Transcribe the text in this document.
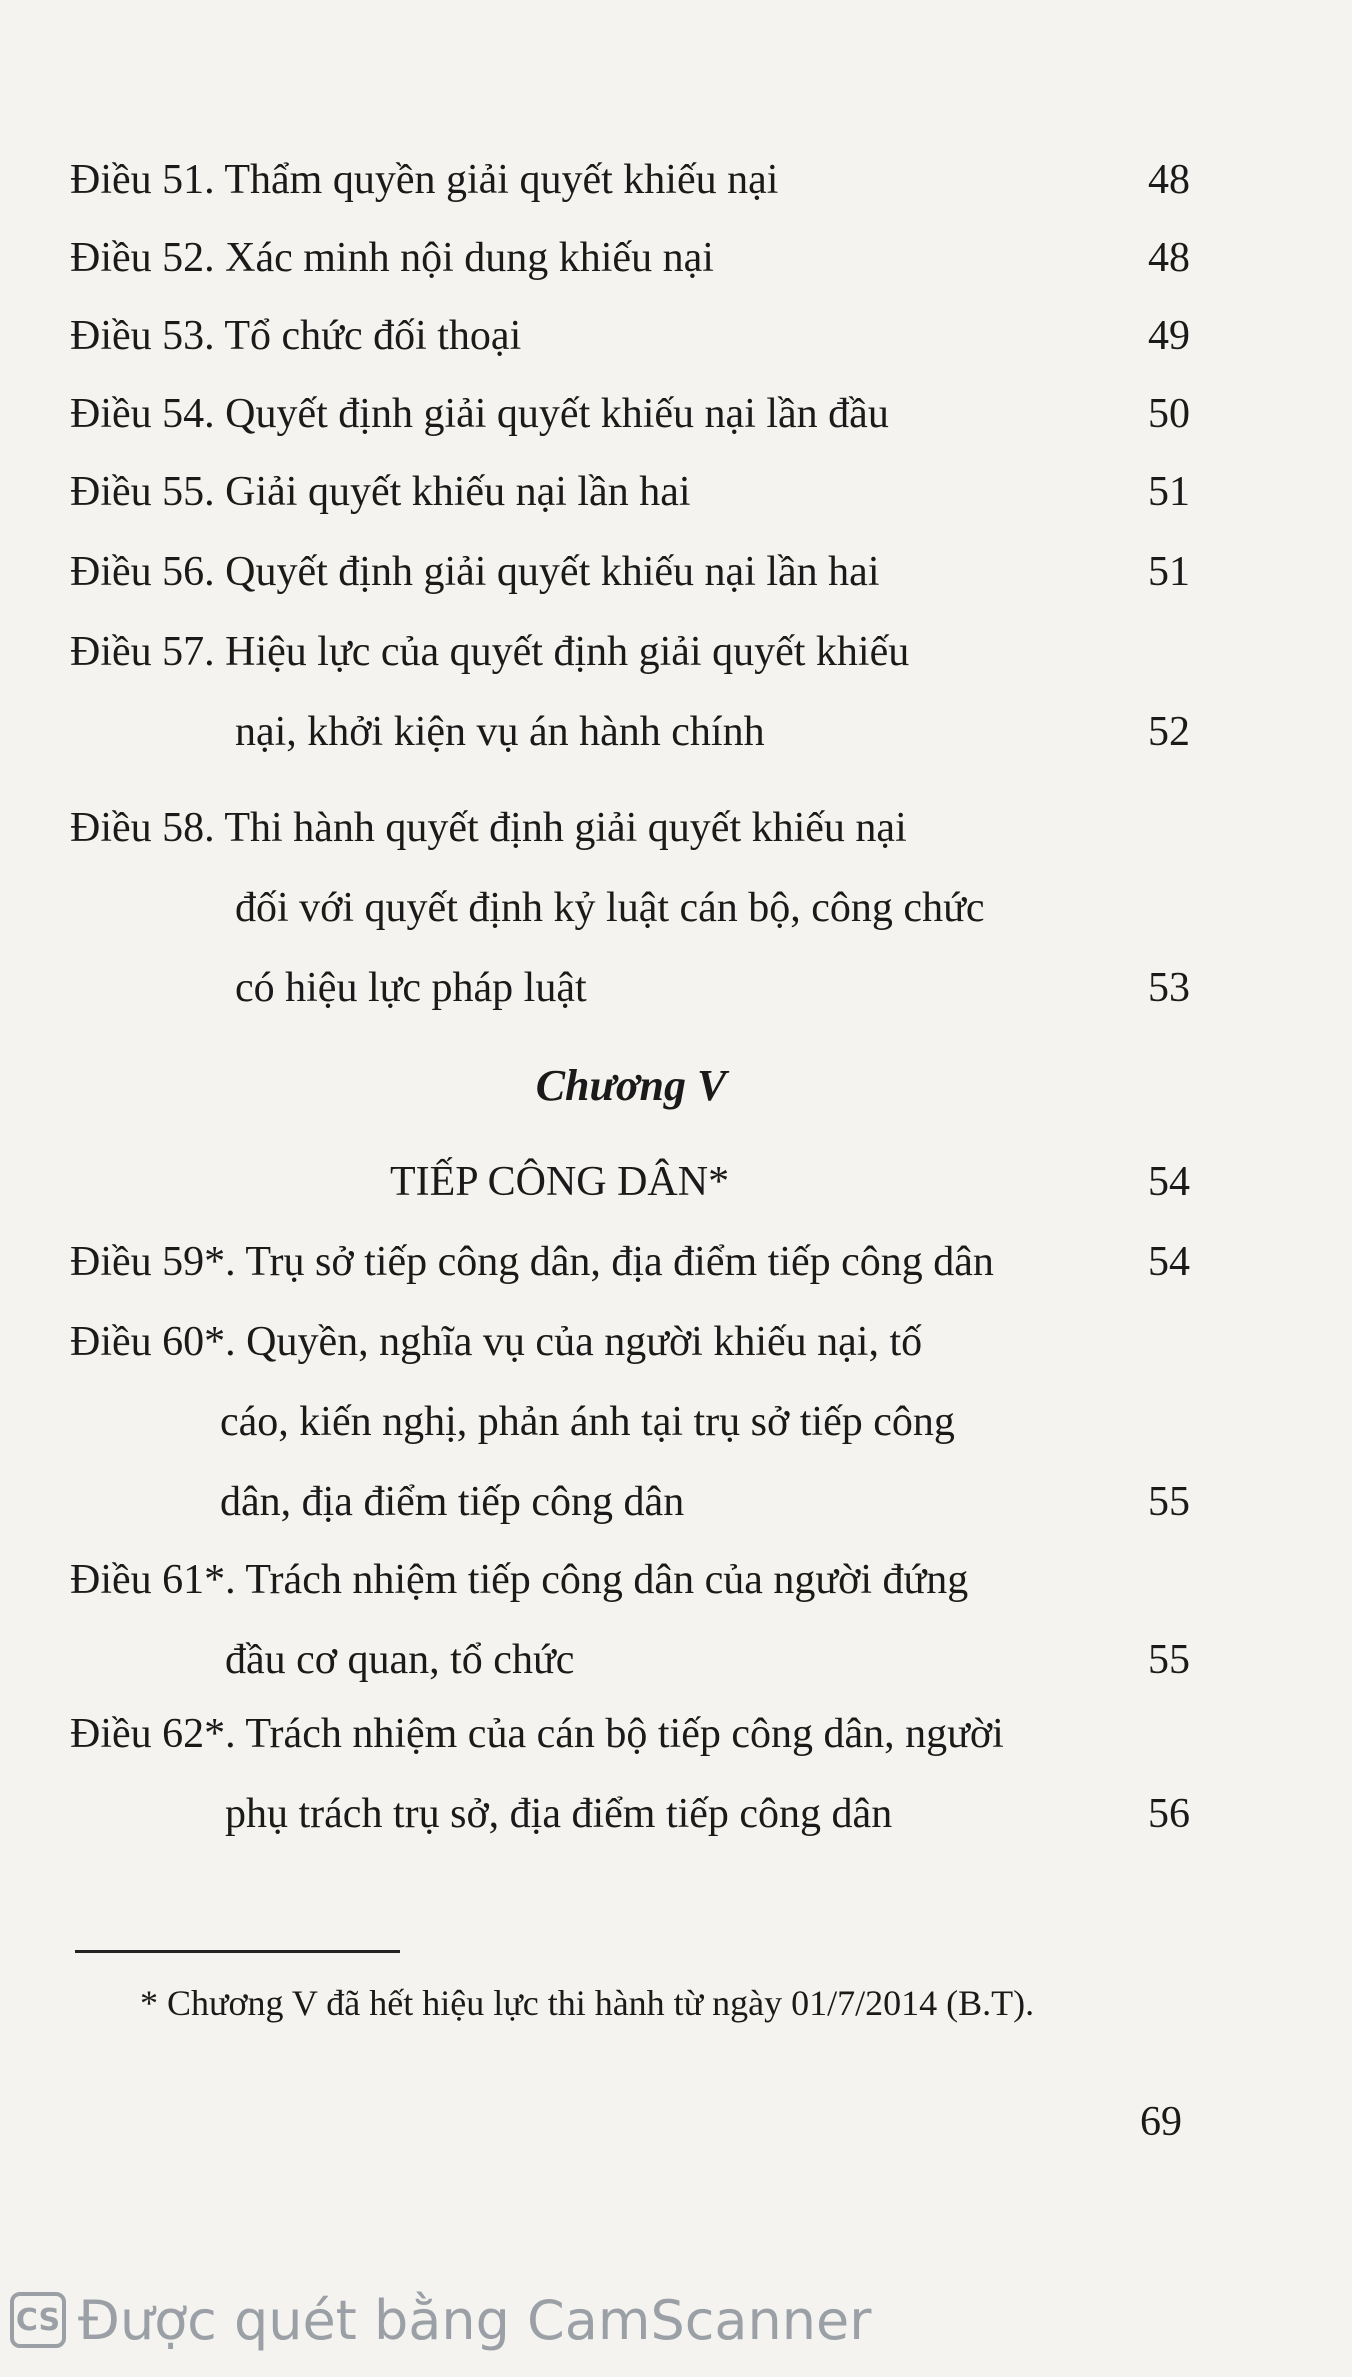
Điều 51. Thẩm quyền giải quyết khiếu nại	48
Điều 52. Xác minh nội dung khiếu nại	48
Điều 53. Tổ chức đối thoại	49
Điều 54. Quyết định giải quyết khiếu nại lần đầu	50
Điều 55. Giải quyết khiếu nại lần hai	51
Điều 56. Quyết định giải quyết khiếu nại lần hai	51
Điều 57. Hiệu lực của quyết định giải quyết khiếu
nại, khởi kiện vụ án hành chính	52
Điều 58. Thi hành quyết định giải quyết khiếu nại
đối với quyết định kỷ luật cán bộ, công chức
có hiệu lực pháp luật	53
Chương V
TIẾP CÔNG DÂN*	54
Điều 59*. Trụ sở tiếp công dân, địa điểm tiếp công dân	54
Điều 60*. Quyền, nghĩa vụ của người khiếu nại, tố
cáo, kiến nghị, phản ánh tại trụ sở tiếp công
dân, địa điểm tiếp công dân	55
Điều 61*. Trách nhiệm tiếp công dân của người đứng
đầu cơ quan, tổ chức	55
Điều 62*. Trách nhiệm của cán bộ tiếp công dân, người
phụ trách trụ sở, địa điểm tiếp công dân	56
* Chương V đã hết hiệu lực thi hành từ ngày 01/7/2014 (B.T).
69
CS Được quét bằng CamScanner
